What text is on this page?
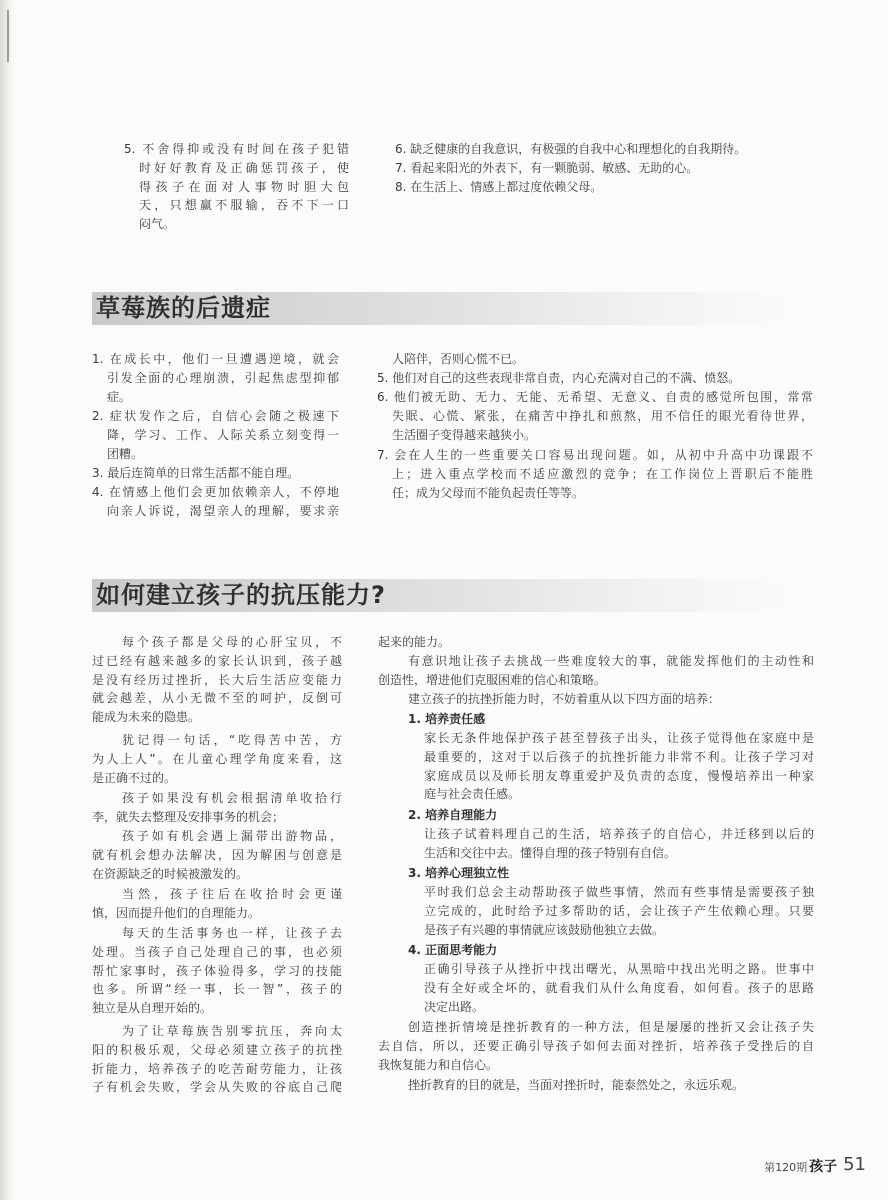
5. 不舍得抑或没有时间在孩子犯错
时好好教育及正确惩罚孩子，使
得孩子在面对人事物时胆大包
天，只想赢不服输，吞不下一口
闷气。
6. 缺乏健康的自我意识，有极强的自我中心和理想化的自我期待。
7. 看起来阳光的外表下，有一颗脆弱、敏感、无助的心。
8. 在生活上、情感上都过度依赖父母。
草莓族的后遗症
1. 在成长中，他们一旦遭遇逆境，就会
引发全面的心理崩溃，引起焦虑型抑郁
症。
2. 症状发作之后，自信心会随之极速下
降，学习、工作、人际关系立刻变得一
团糟。
3. 最后连简单的日常生活都不能自理。
4. 在情感上他们会更加依赖亲人，不停地
向亲人诉说，渴望亲人的理解，要求亲
人陪伴，否则心慌不已。
5. 他们对自己的这些表现非常自责，内心充满对自己的不满、愤怒。
6. 他们被无助、无力、无能、无希望、无意义、自责的感觉所包围，常常
失眠、心慌、紧张，在痛苦中挣扎和煎熬，用不信任的眼光看待世界，
生活圈子变得越来越狭小。
7. 会在人生的一些重要关口容易出现问题。如，从初中升高中功课跟不
上；进入重点学校而不适应激烈的竞争；在工作岗位上晋职后不能胜
任；成为父母而不能负起责任等等。
如何建立孩子的抗压能力?
每个孩子都是父母的心肝宝贝，不
过已经有越来越多的家长认识到，孩子越
是没有经历过挫折，长大后生活应变能力
就会越差，从小无微不至的呵护，反倒可
能成为未来的隐患。
犹记得一句话，“吃得苦中苦，方
为人上人”。在儿童心理学角度来看，这
是正确不过的。
孩子如果没有机会根据清单收拾行
李，就失去整理及安排事务的机会；
孩子如有机会遇上漏带出游物品，
就有机会想办法解决，因为解困与创意是
在资源缺乏的时候被激发的。
当然，孩子往后在收拾时会更谨
慎，因而提升他们的自理能力。
每天的生活事务也一样，让孩子去
处理。当孩子自己处理自己的事，也必须
帮忙家事时，孩子体验得多，学习的技能
也多。所谓“经一事，长一智”，孩子的
独立是从自理开始的。
为了让草莓族告别零抗压，奔向太
阳的积极乐观，父母必须建立孩子的抗挫
折能力，培养孩子的吃苦耐劳能力，让孩
子有机会失败，学会从失败的谷底自己爬
起来的能力。
有意识地让孩子去挑战一些难度较大的事，就能发挥他们的主动性和
创造性，增进他们克服困难的信心和策略。
建立孩子的抗挫折能力时，不妨着重从以下四方面的培养：
1. 培养责任感
家长无条件地保护孩子甚至替孩子出头，让孩子觉得他在家庭中是
最重要的，这对于以后孩子的抗挫折能力非常不利。让孩子学习对
家庭成员以及师长朋友尊重爱护及负责的态度，慢慢培养出一种家
庭与社会责任感。
2. 培养自理能力
让孩子试着料理自己的生活，培养孩子的自信心，并迁移到以后的
生活和交往中去。懂得自理的孩子特别有自信。
3. 培养心理独立性
平时我们总会主动帮助孩子做些事情，然而有些事情是需要孩子独
立完成的，此时给予过多帮助的话，会让孩子产生依赖心理。只要
是孩子有兴趣的事情就应该鼓励他独立去做。
4. 正面思考能力
正确引导孩子从挫折中找出曙光，从黑暗中找出光明之路。世事中
没有全好或全坏的，就看我们从什么角度看，如何看。孩子的思路
决定出路。
创造挫折情境是挫折教育的一种方法，但是屡屡的挫折又会让孩子失
去自信，所以，还要正确引导孩子如何去面对挫折，培养孩子受挫后的自
我恢复能力和自信心。
挫折教育的目的就是，当面对挫折时，能泰然处之，永远乐观。
第120期 孩子 51
